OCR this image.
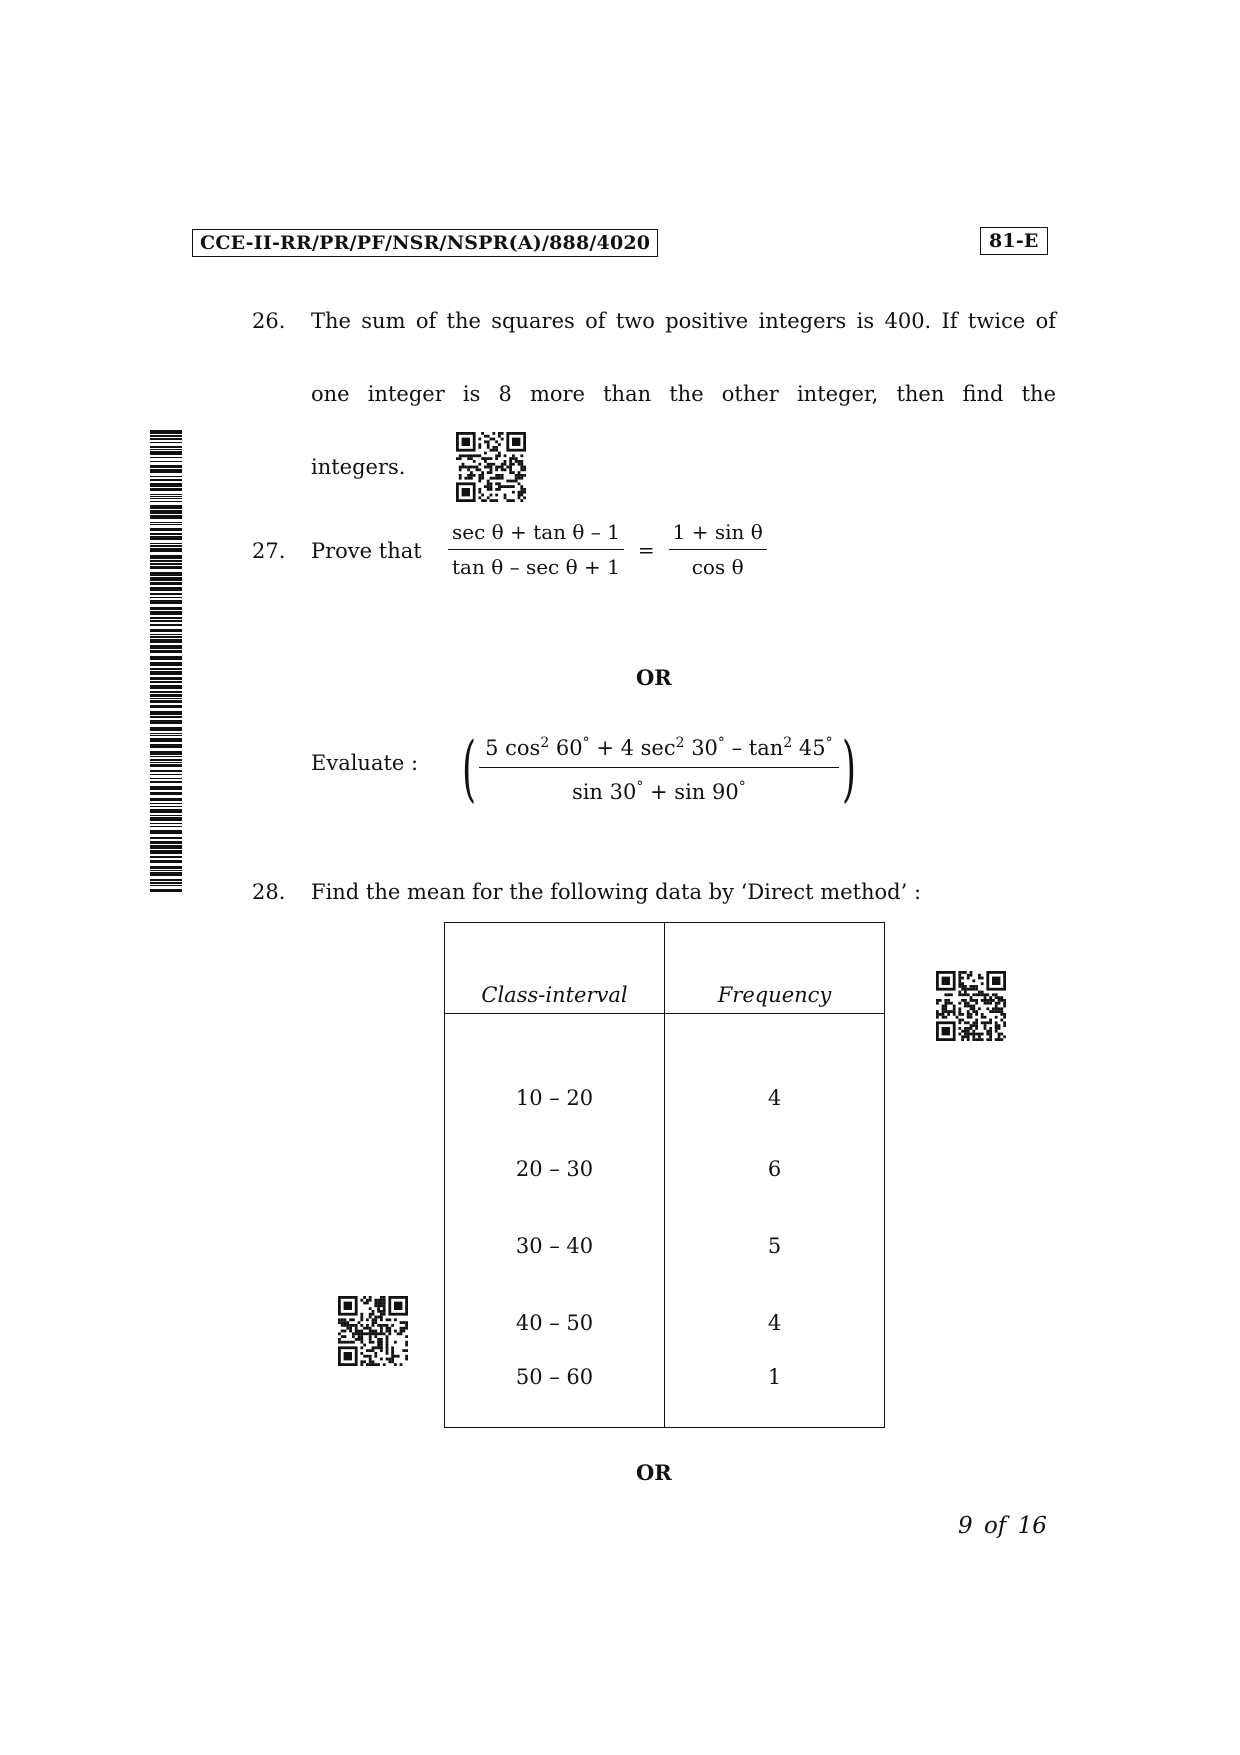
CCE-II-RR/PR/PF/NSR/NSPR(A)/888/4020	81-E
26. The sum of the squares of two positive integers is 400. If twice of
one integer is 8 more than the other integer, then find the
integers.
27. Prove that $\frac{\text{sec θ + tan θ – 1}}{\text{tan θ – sec θ + 1}} = \frac{\text{1 + sin θ}}{\text{cos θ}}$
OR
Evaluate : ( $\frac{5 \cos^2 60^\circ + 4 \sec^2 30^\circ - \tan^2 45^\circ}{\sin 30^\circ + \sin 90^\circ}$ )
28. Find the mean for the following data by ‘Direct method’ :
Class-interval	Frequency
10 – 20	4
20 – 30	6
30 – 40	5
40 – 50	4
50 – 60	1
OR
9 of 16
